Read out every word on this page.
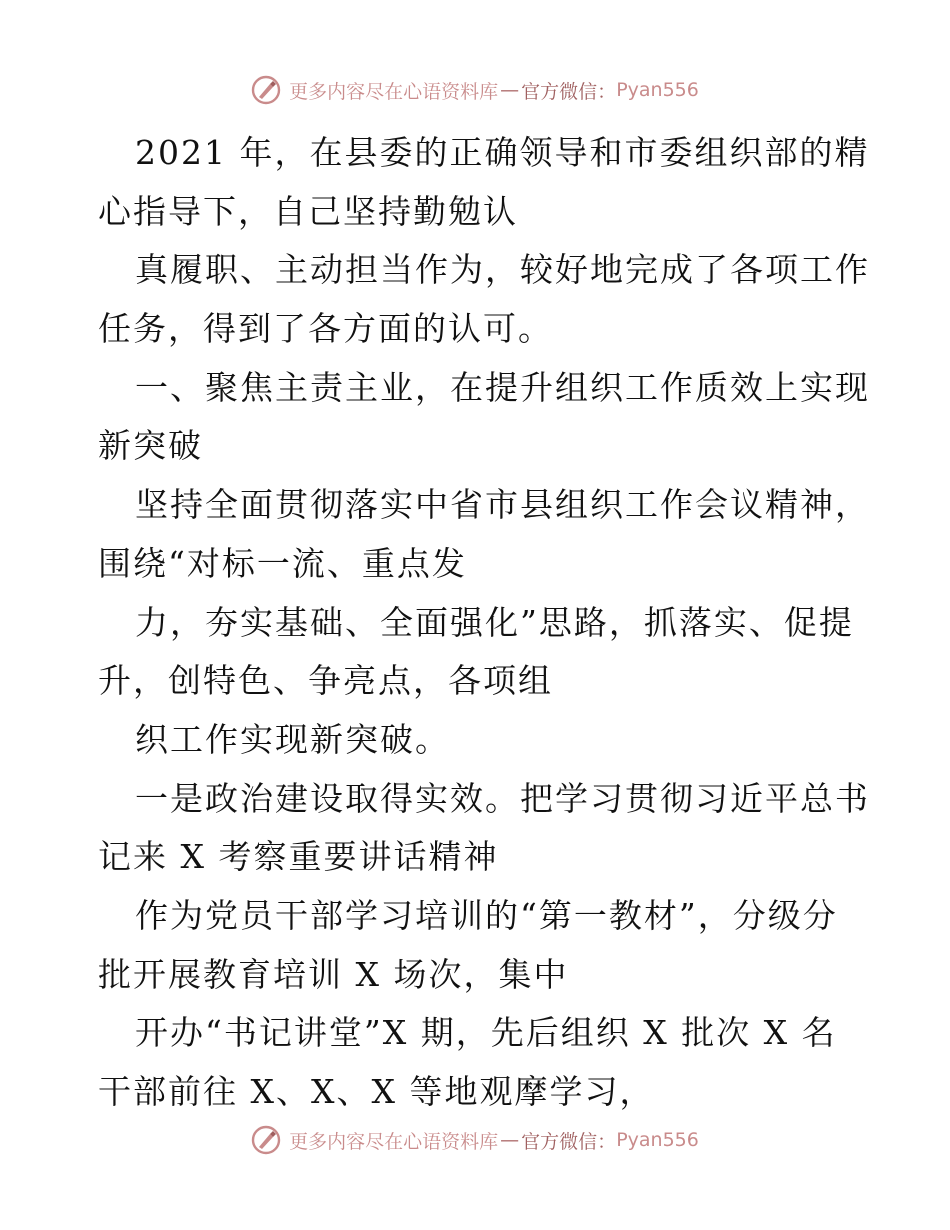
更多内容尽在心语资料库 — 官方微信： Pyan556
2021 年，在县委的正确领导和市委组织部的精
心指导下，自己坚持勤勉认
真履职、主动担当作为，较好地完成了各项工作
任务，得到了各方面的认可。
一、聚焦主责主业，在提升组织工作质效上实现
新突破
坚持全面贯彻落实中省市县组织工作会议精神，
围绕“对标一流、重点发
力，夯实基础、全面强化”思路，抓落实、促提
升，创特色、争亮点，各项组
织工作实现新突破。
一是政治建设取得实效。把学习贯彻习近平总书
记来 X 考察重要讲话精神
作为党员干部学习培训的“第一教材”，分级分
批开展教育培训 X 场次，集中
开办“书记讲堂”X 期，先后组织 X 批次 X 名
干部前往 X、X、X 等地观摩学习，
更多内容尽在心语资料库 — 官方微信： Pyan556
